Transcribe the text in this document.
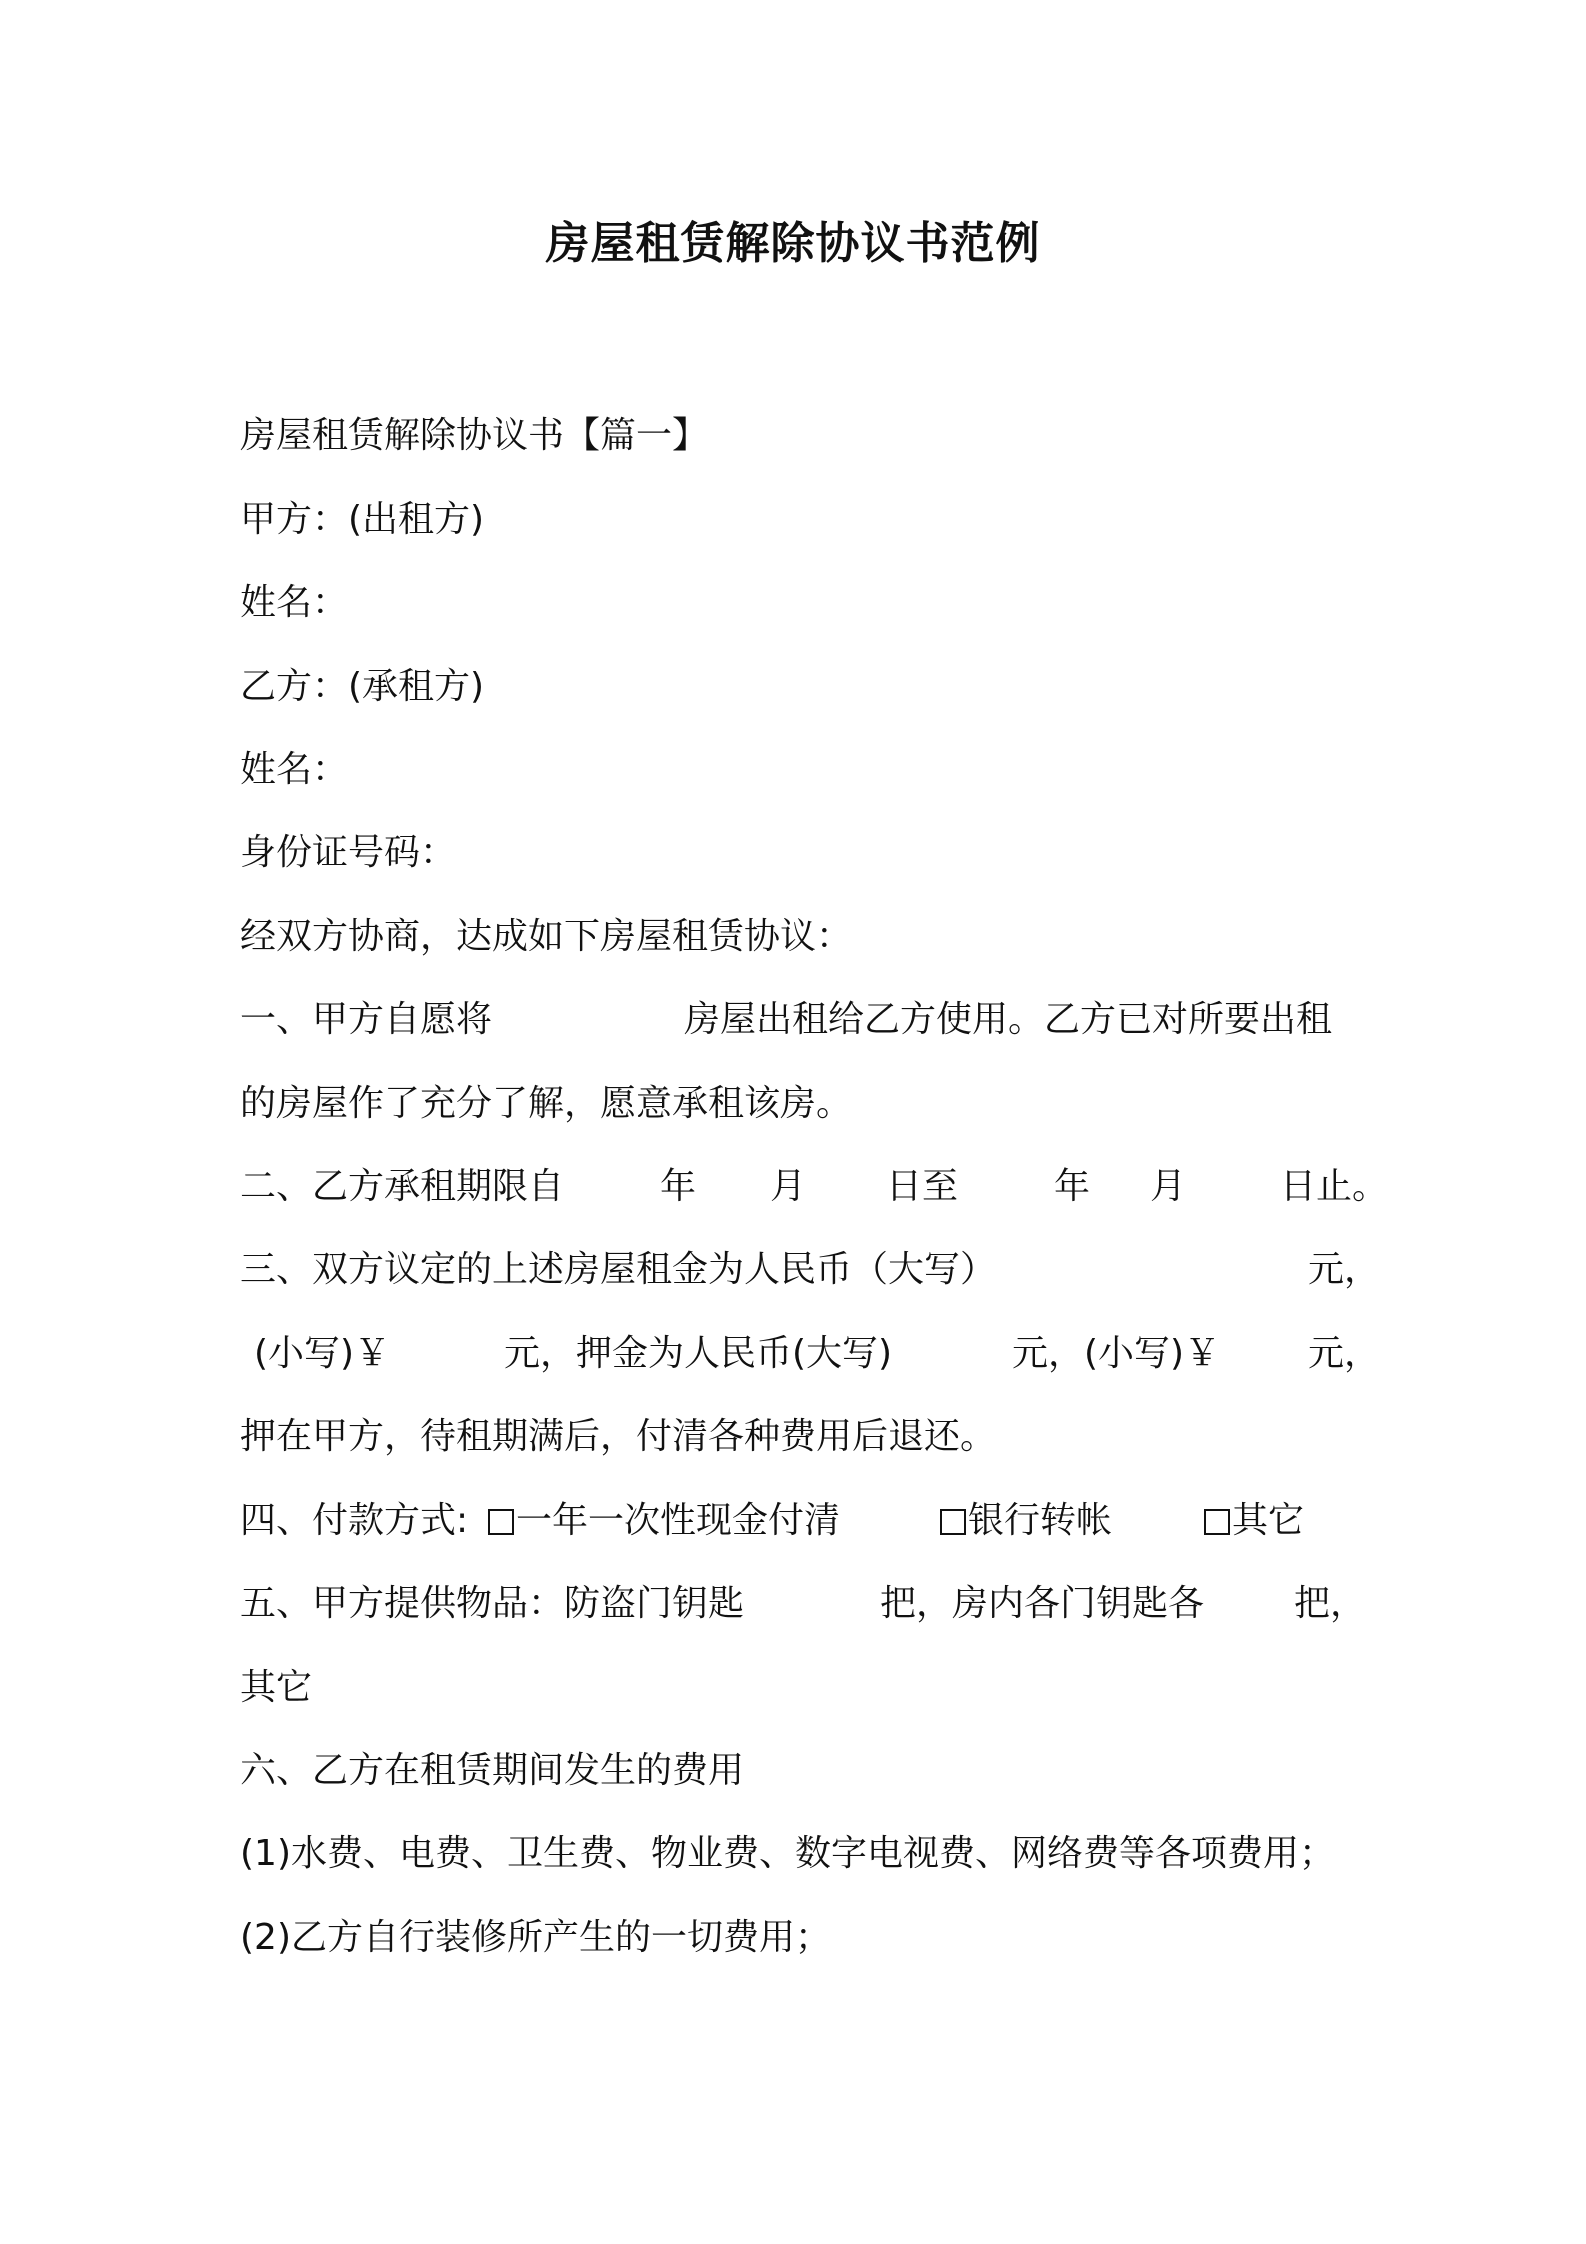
房屋租赁解除协议书范例
房屋租赁解除协议书【篇一】
甲方：(出租方)
姓名：
乙方：(承租方)
姓名：
身份证号码：
经双方协商，达成如下房屋租赁协议：
一、甲方自愿将	房屋出租给乙方使用。乙方已对所要出租
的房屋作了充分了解，愿意承租该房。
二、乙方承租期限自	年 月 日至	年 月	日止。
三、双方议定的上述房屋租金为人民币（大写）	元，
(小写)￥	元，押金为人民币(大写)	元，(小写)￥ 元，
押在甲方，待租期满后，付清各种费用后退还。
四、付款方式:	一年一次性现金付清	银行转帐	其它
五、甲方提供物品：防盗门钥匙	把，房内各门钥匙各 把，
其它
六、乙方在租赁期间发生的费用
(1)水费、电费、卫生费、物业费、数字电视费、网络费等各项费用；
(2)乙方自行装修所产生的一切费用；
